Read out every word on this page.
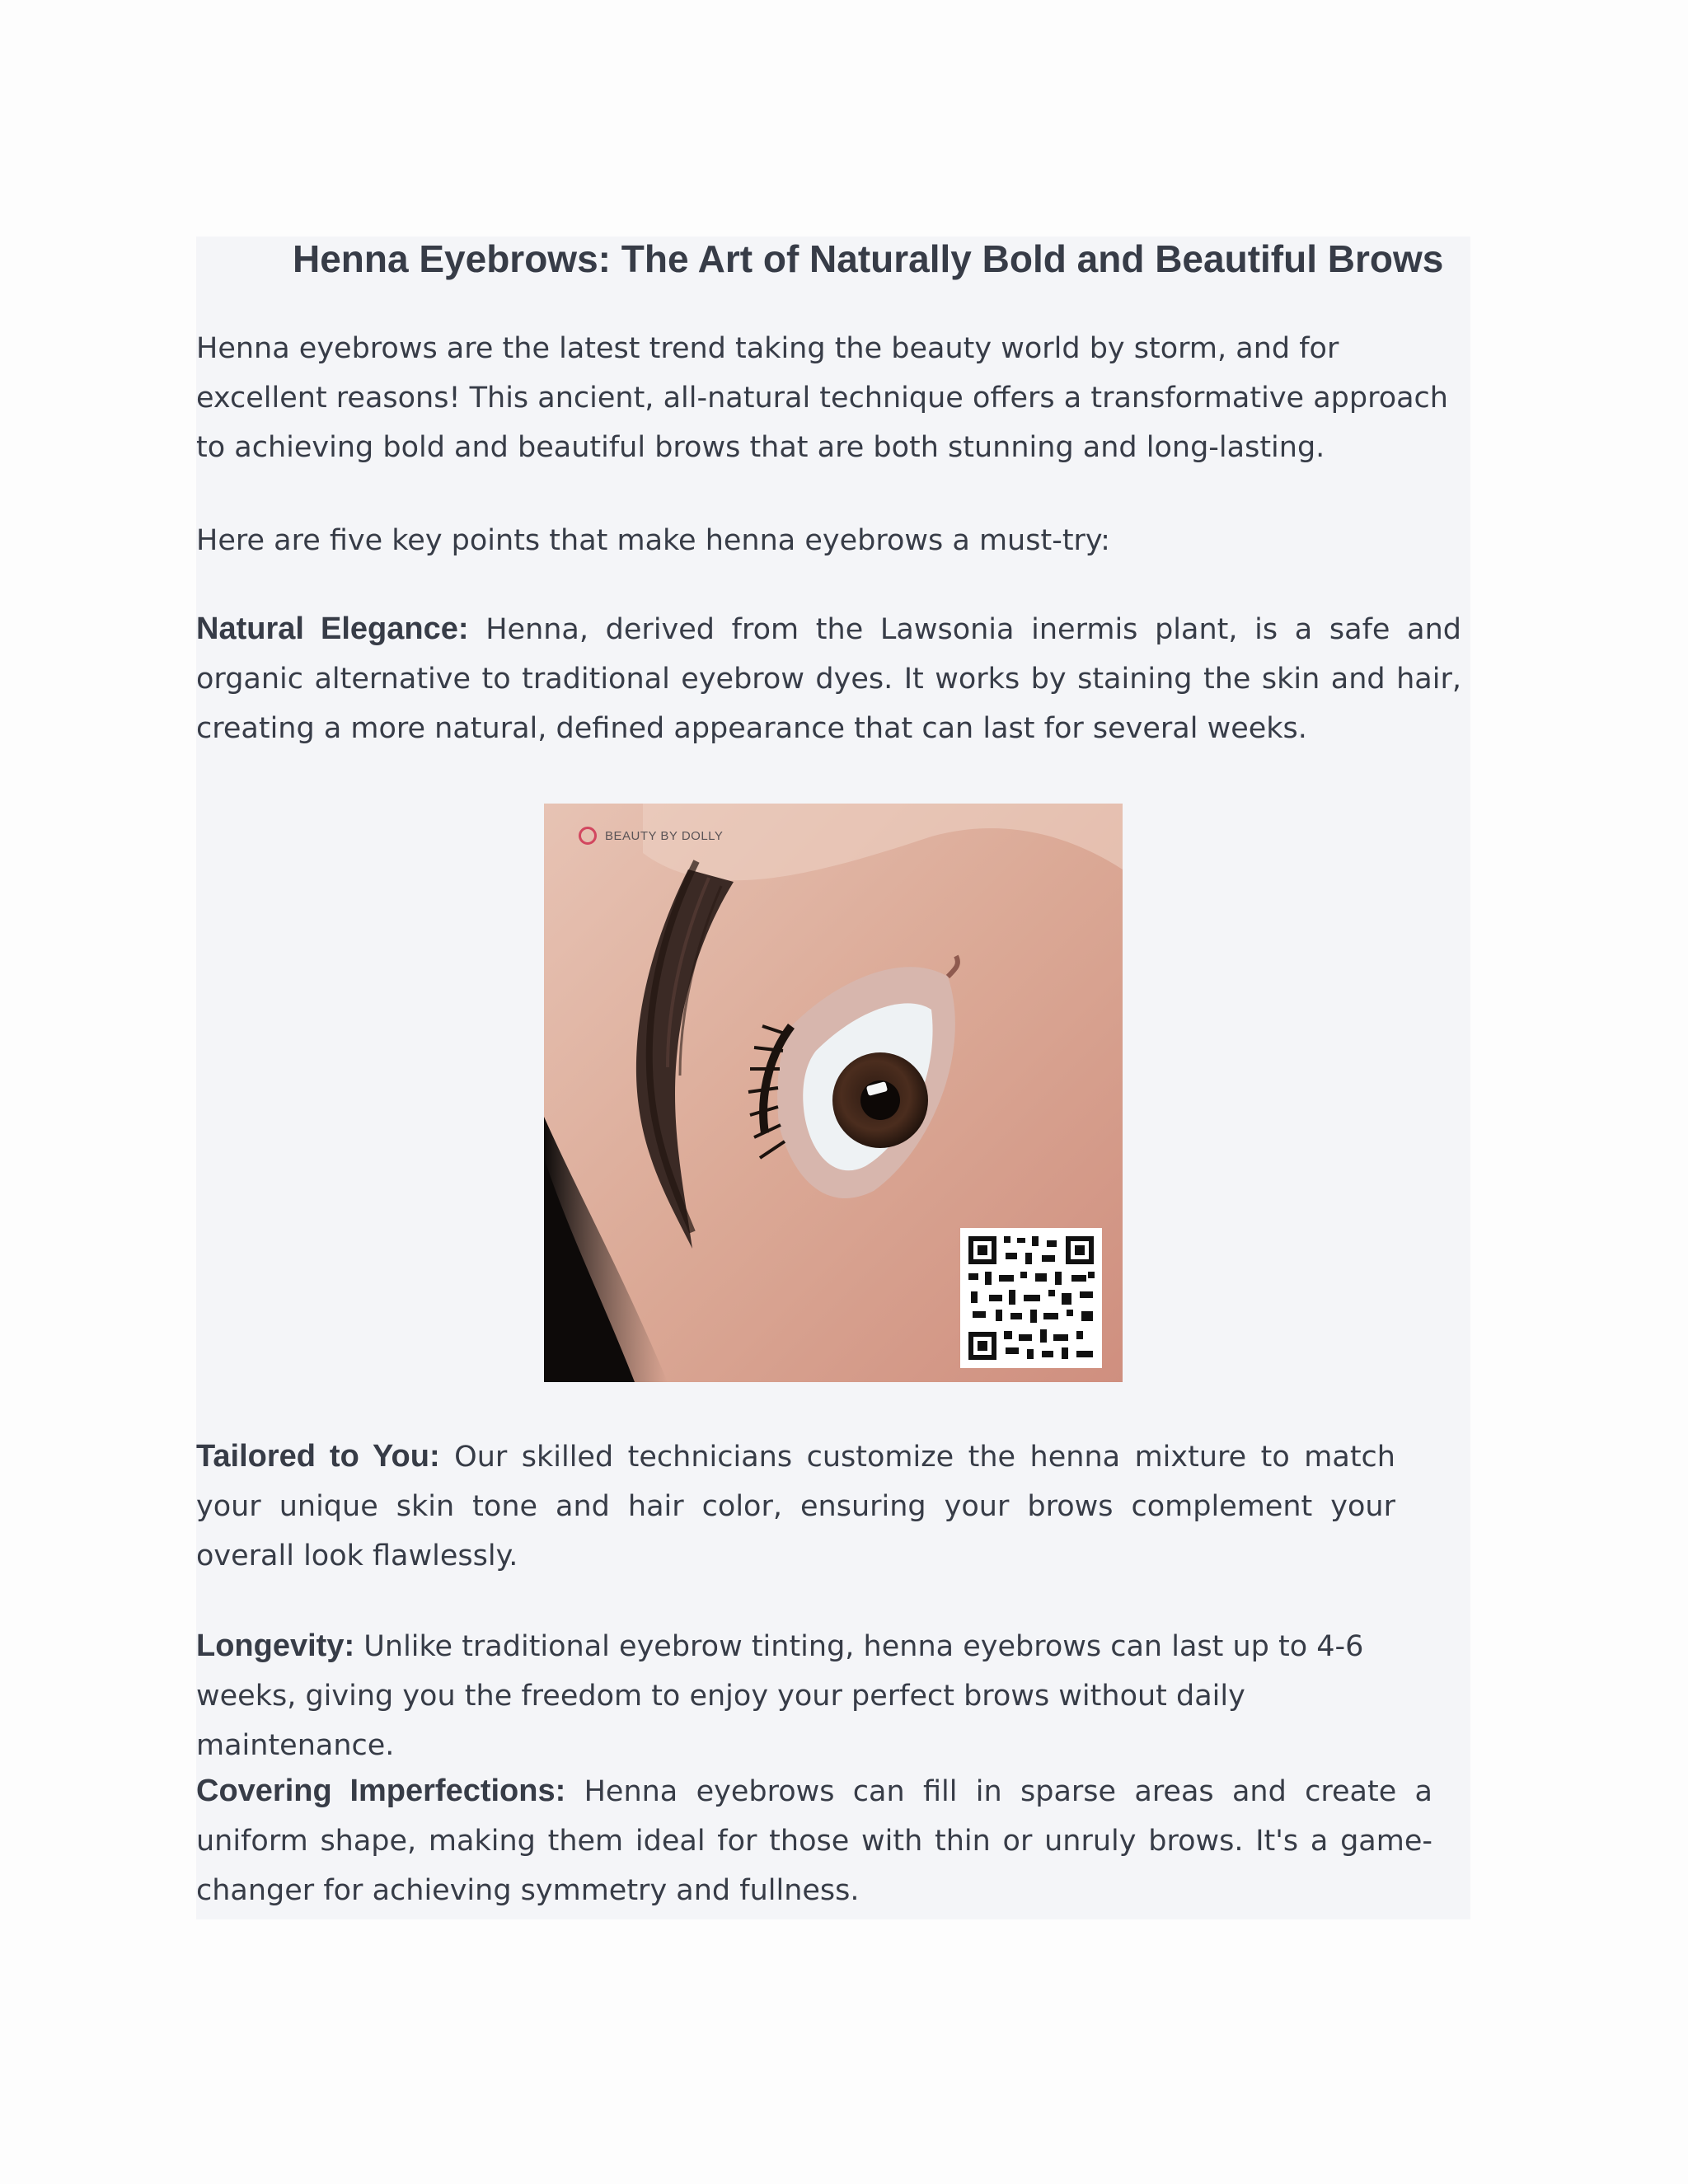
Henna Eyebrows: The Art of Naturally Bold and Beautiful Brows

Henna eyebrows are the latest trend taking the beauty world by storm, and for excellent reasons! This ancient, all-natural technique offers a transformative approach to achieving bold and beautiful brows that are both stunning and long-lasting.

Here are five key points that make henna eyebrows a must-try:

Natural Elegance: Henna, derived from the Lawsonia inermis plant, is a safe and organic alternative to traditional eyebrow dyes. It works by staining the skin and hair, creating a more natural, defined appearance that can last for several weeks.

BEAUTY BY DOLLY

Tailored to You: Our skilled technicians customize the henna mixture to match your unique skin tone and hair color, ensuring your brows complement your overall look flawlessly.

Longevity: Unlike traditional eyebrow tinting, henna eyebrows can last up to 4-6 weeks, giving you the freedom to enjoy your perfect brows without daily maintenance.

Covering Imperfections: Henna eyebrows can fill in sparse areas and create a uniform shape, making them ideal for those with thin or unruly brows. It's a game-changer for achieving symmetry and fullness.
